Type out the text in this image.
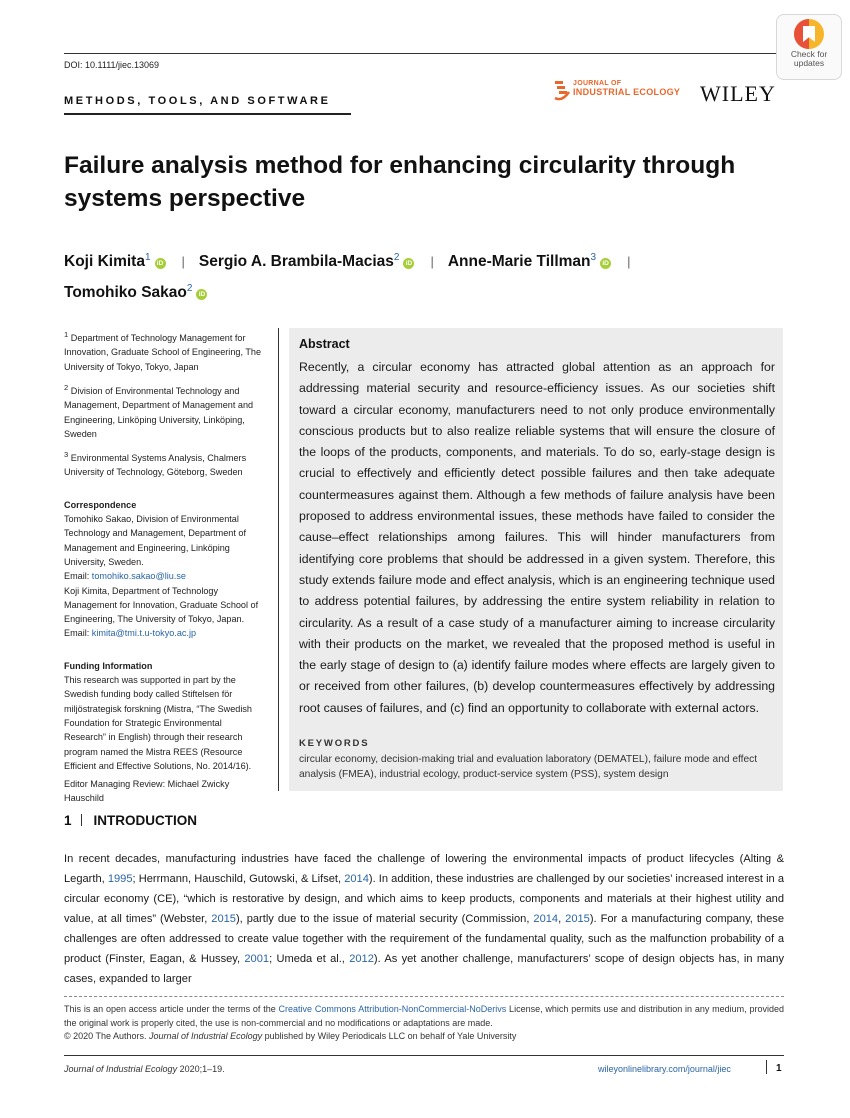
DOI: 10.1111/jiec.13069
Check for
updates
METHODS, TOOLS, AND SOFTWARE
JOURNAL OF
INDUSTRIAL ECOLOGY WILEY
Failure analysis method for enhancing circularity through systems perspective
Koji Kimita$^1$iD | Sergio A. Brambila-Macias$^2$iD | Anne-Marie Tillman$^3$iD |
Tomohiko Sakao$^2$iD

$^1$ Department of Technology Management for Innovation, Graduate School of Engineering, The University of Tokyo, Tokyo, Japan

$^2$ Division of Environmental Technology and Management, Department of Management and Engineering, Linköping University, Linköping, Sweden

$^3$ Environmental Systems Analysis, Chalmers University of Technology, Göteborg, Sweden

Correspondence

Tomohiko Sakao, Division of Environmental Technology and Management, Department of Management and Engineering, Linköping University, Sweden.
Email: tomohiko.sakao@liu.se
Koji Kimita, Department of Technology Management for Innovation, Graduate School of Engineering, The University of Tokyo, Japan.
Email: kimita@tmi.t.u-tokyo.ac.jp

Funding Information

This research was supported in part by the Swedish funding body called Stiftelsen för miljöstrategisk forskning (Mistra, “The Swedish Foundation for Strategic Environmental Research” in English) through their research program named the Mistra REES (Resource Efficient and Effective Solutions, No. 2014/16).

Editor Managing Review: Michael Zwicky Hauschild

Abstract
Recently, a circular economy has attracted global attention as an approach for addressing material security and resource-efficiency issues. As our societies shift toward a circular economy, manufacturers need to not only produce environmentally conscious products but to also realize reliable systems that will ensure the closure of the loops of the products, components, and materials. To do so, early-stage design is crucial to effectively and efficiently detect possible failures and then take adequate countermeasures against them. Although a few methods of failure analysis have been proposed to address environmental issues, these methods have failed to consider the cause–effect relationships among failures. This will hinder manufacturers from identifying core problems that should be addressed in a given system. Therefore, this study extends failure mode and effect analysis, which is an engineering technique used to address potential failures, by addressing the entire system reliability in relation to circularity. As a result of a case study of a manufacturer aiming to increase circularity with their products on the market, we revealed that the proposed method is useful in the early stage of design to (a) identify failure modes where effects are largely given to or received from other failures, (b) develop countermeasures effectively by addressing root causes of failures, and (c) find an opportunity to collaborate with external actors.
KEYWORDS
circular economy, decision-making trial and evaluation laboratory (DEMATEL), failure mode and effect analysis (FMEA), industrial ecology, product-service system (PSS), system design
1 INTRODUCTION
In recent decades, manufacturing industries have faced the challenge of lowering the environmental impacts of product lifecycles (Alting & Legarth, 1995; Herrmann, Hauschild, Gutowski, & Lifset, 2014). In addition, these industries are challenged by our societies’ increased interest in a circular economy (CE), “which is restorative by design, and which aims to keep products, components and materials at their highest utility and value, at all times” (Webster, 2015), partly due to the issue of material security (Commission, 2014, 2015). For a manufacturing company, these challenges are often addressed to create value together with the requirement of the fundamental quality, such as the malfunction probability of a product (Finster, Eagan, & Hussey, 2001; Umeda et al., 2012). As yet another challenge, manufacturers’ scope of design objects has, in many cases, expanded to larger
This is an open access article under the terms of the Creative Commons Attribution-NonCommercial-NoDerivs License, which permits use and distribution in any medium, provided the original work is properly cited, the use is non-commercial and no modifications or adaptations are made.
© 2020 The Authors. Journal of Industrial Ecology published by Wiley Periodicals LLC on behalf of Yale University
Journal of Industrial Ecology 2020;1–19.	wileyonlinelibrary.com/journal/jiec	1
